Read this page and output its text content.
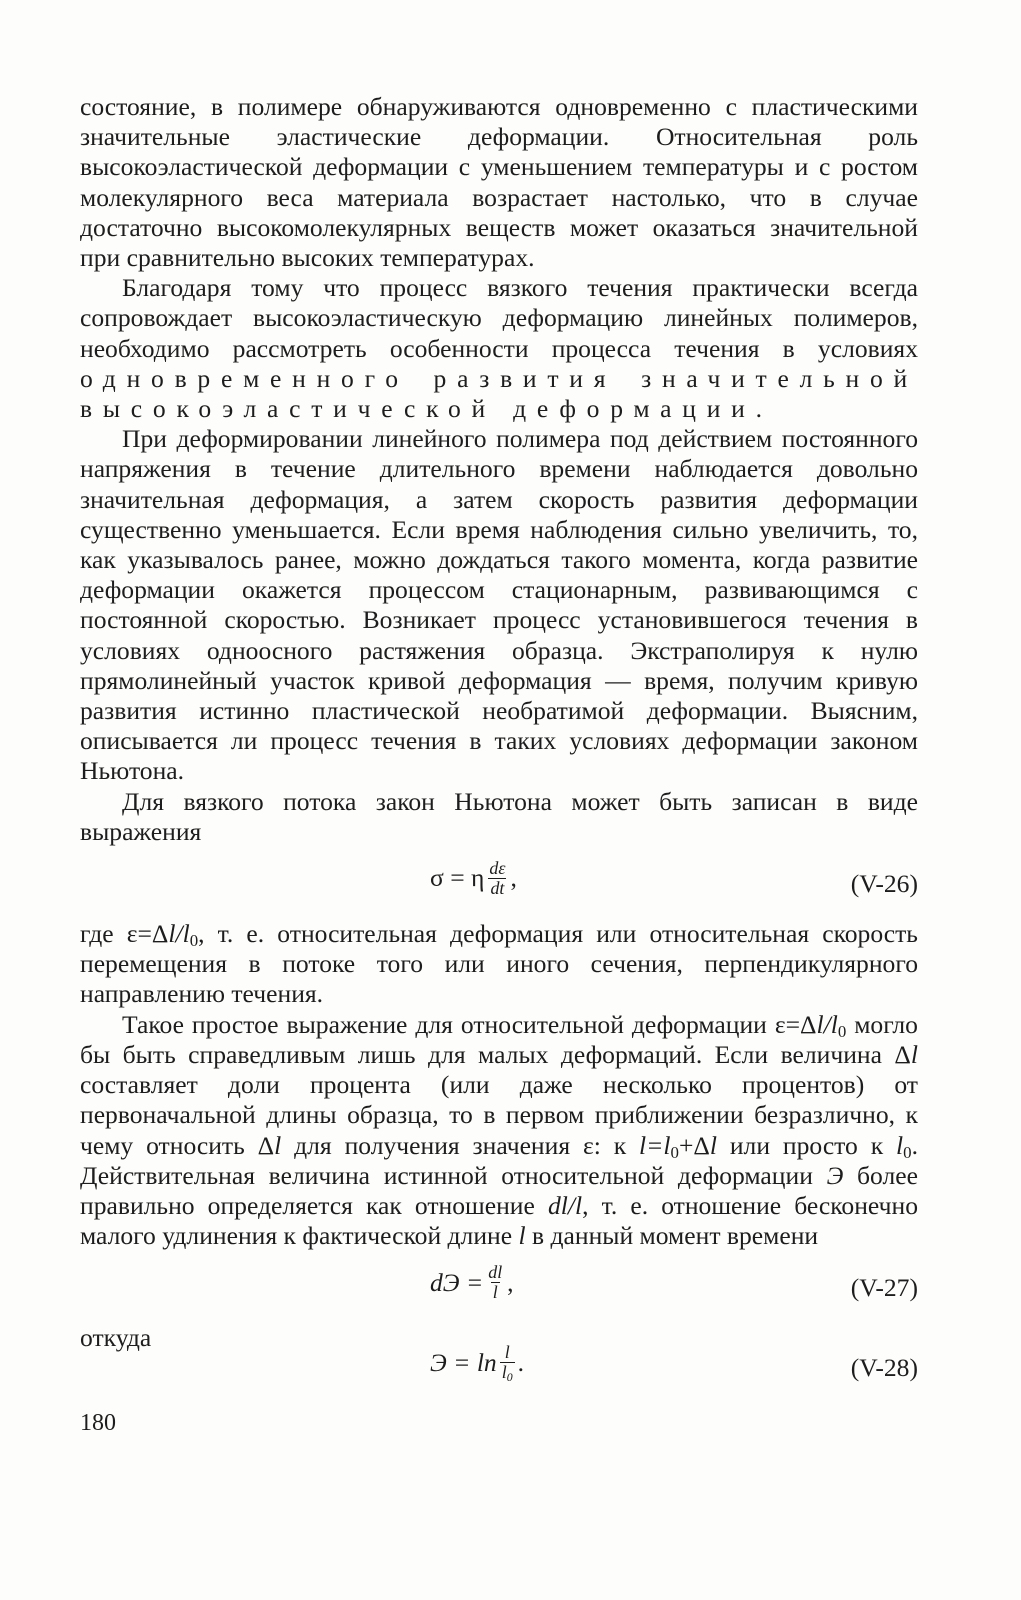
состояние, в полимере обнаруживаются одновременно с пластическими значительные эластические деформации. Относительная роль высокоэластической деформации с уменьшением температуры и с ростом молекулярного веса материала возрастает настолько, что в случае достаточно высокомолекулярных веществ может оказаться значительной при сравнительно высоких температурах.

Благодаря тому что процесс вязкого течения практически всегда сопровождает высокоэластическую деформацию линейных полимеров, необходимо рассмотреть особенности процесса течения в условиях одновременного развития значительной высокоэластической деформации.

При деформировании линейного полимера под действием постоянного напряжения в течение длительного времени наблюдается довольно значительная деформация, а затем скорость развития деформации существенно уменьшается. Если время наблюдения сильно увеличить, то, как указывалось ранее, можно дождаться такого момента, когда развитие деформации окажется процессом стационарным, развивающимся с постоянной скоростью. Возникает процесс установившегося течения в условиях одноосного растяжения образца. Экстраполируя к нулю прямолинейный участок кривой деформация — время, получим кривую развития истинно пластической необратимой деформации. Выясним, описывается ли процесс течения в таких условиях деформации законом Ньютона.

Для вязкого потока закон Ньютона может быть записан в виде выражения

σ = η $\frac{d\varepsilon}{dt}$ ,	(V-26)

где $\varepsilon=\Delta l/l_0$, т. е. относительная деформация или относительная скорость перемещения в потоке того или иного сечения, перпендикулярного направлению течения.

Такое простое выражение для относительной деформации $\varepsilon=\Delta l/l_0$ могло бы быть справедливым лишь для малых деформаций. Если величина Δl составляет доли процента (или даже несколько процентов) от первоначальной длины образца, то в первом приближении безразлично, к чему относить Δl для получения значения ε: к $l=l_0+\Delta l$ или просто к $l_0$. Действительная величина истинной относительной деформации Э более правильно определяется как отношение dl/l, т. е. отношение бесконечно малого удлинения к фактической длине l в данный момент времени

dЭ = $\frac{dl}{l}$ ,	(V-27)
откуда
$Э = \ln \frac{l}{l_0}$ .	(V-28)
180
